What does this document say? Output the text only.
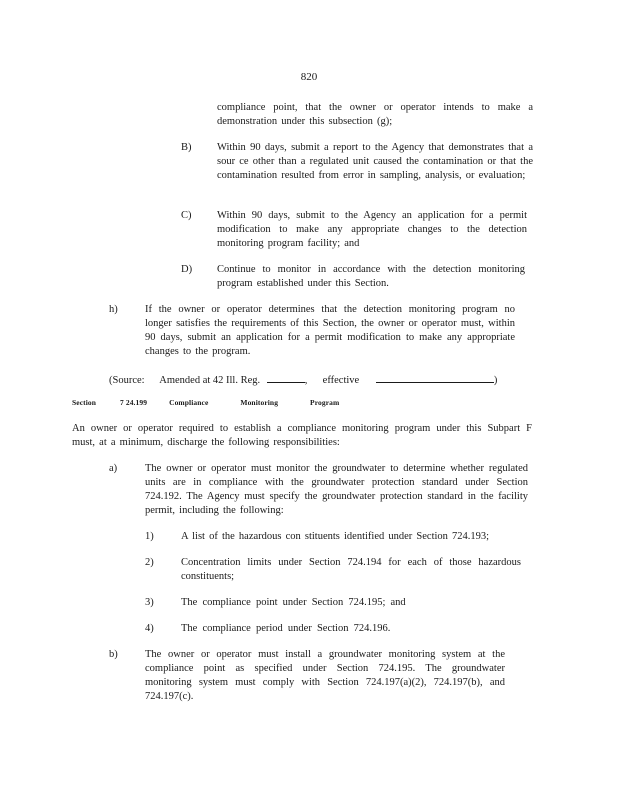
820

compliance point, that the owner or operator intends to make a demonstration under this subsection (g);

B) Within 90 days, submit a report to the Agency that demonstrates that a sour ce other than a regulated unit caused the contamination or that the contamination resulted from error in sampling, analysis, or evaluation;

C) Within 90 days, submit to the Agency an application for a permit modification to make any appropriate changes to the detection monitoring program facility; and

D) Continue to monitor in accordance with the detection monitoring program established under this Section.

h)	If the owner or operator determines that the detection monitoring program no longer satisfies the requirements of this Section, the owner or operator must, within 90 days, submit an application for a permit modification to make any appropriate changes to the program.

(Source: Amended at 42 Ill. Reg.	, effective	)
Section	7 24.199	Compliance	Monitoring	Program

An owner or operator required to establish a compliance monitoring program under this Subpart F must, at a minimum, discharge the following responsibilities:

a)	The owner or operator must monitor the groundwater to determine whether regulated units are in compliance with the groundwater protection standard under Section 724.192. The Agency must specify the groundwater protection standard in the facility permit, including the following:

1)	A list of the hazardous con stituents identified under Section 724.193;

2)	Concentration limits under Section 724.194 for each of those hazardous constituents;

3)	The compliance point under Section 724.195; and

4)	The compliance period under Section 724.196.

b)	The owner or operator must install a groundwater monitoring system at the compliance point as specified under Section 724.195. The groundwater monitoring system must comply with Section 724.197(a)(2), 724.197(b), and 724.197(c).
